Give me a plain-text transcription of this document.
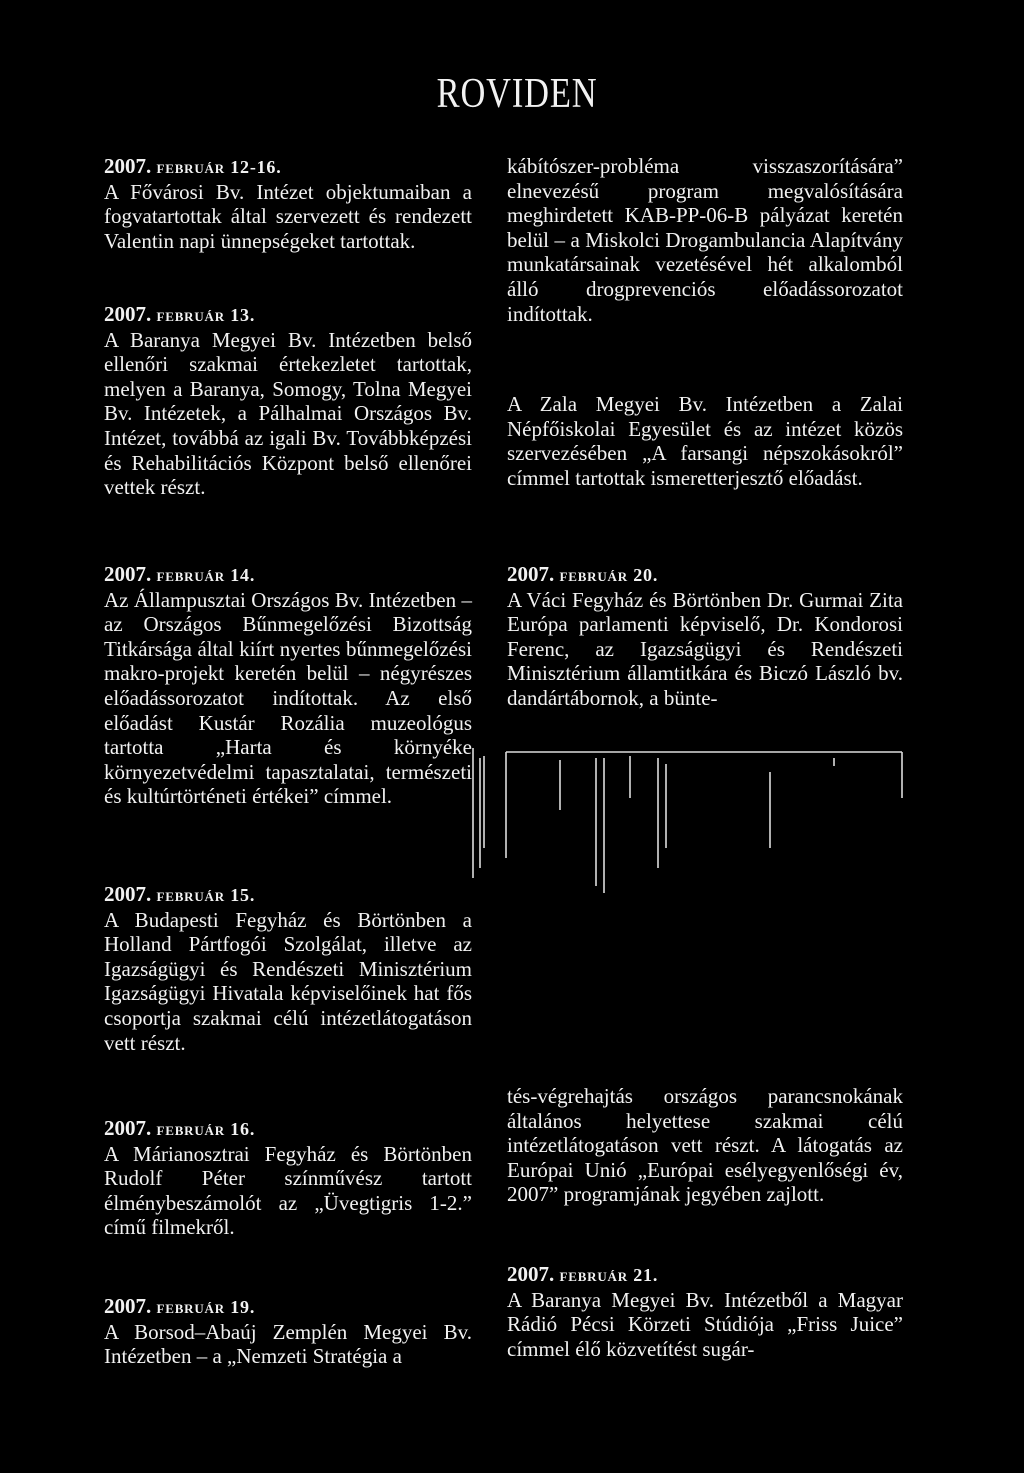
ROVIDEN
2007. február 12-16.
A Fővárosi Bv. Intézet objektumaiban a fogvatartottak által szervezett és rendezett Valentin napi ünnepségeket tartottak.
2007. február 13.
A Baranya Megyei Bv. Intézetben belső ellenőri szakmai értekezletet tartottak, melyen a Baranya, Somogy, Tolna Megyei Bv. Intézetek, a Pálhalmai Országos Bv. Intézet, továbbá az igali Bv. Továbbképzési és Rehabilitációs Központ belső ellenőrei vettek részt.
2007. február 14.
Az Állampusztai Országos Bv. Intézetben – az Országos Bűnmegelőzési Bizottság Titkársága által kiírt nyertes bűnmegelőzési makro-projekt keretén belül – négyrészes előadássorozatot indítottak. Az első előadást Kustár Rozália muzeológus tartotta „Harta és környéke környezetvédelmi tapasztalatai, természeti és kultúrtörténeti értékei” címmel.
2007. február 15.
A Budapesti Fegyház és Börtönben a Holland Pártfogói Szolgálat, illetve az Igazságügyi és Rendészeti Minisztérium Igazságügyi Hivatala képviselőinek hat fős csoportja szakmai célú intézetlátogatáson vett részt.
2007. február 16.
A Márianosztrai Fegyház és Börtönben Rudolf Péter színművész tartott élménybeszámolót az „Üvegtigris 1-2.” című filmekről.
2007. február 19.
A Borsod–Abaúj Zemplén Megyei Bv. Intézetben – a „Nemzeti Stratégia a
kábítószer-probléma visszaszorítására” elnevezésű program megvalósítására meghirdetett KAB-PP-06-B pályázat keretén belül – a Miskolci Drogambulancia Alapítvány munkatársainak vezetésével hét alkalomból álló drogprevenciós előadássorozatot indítottak.
A Zala Megyei Bv. Intézetben a Zalai Népfőiskolai Egyesület és az intézet közös szervezésében „A farsangi népszokásokról” címmel tartottak ismeretterjesztő előadást.
2007. február 20.
A Váci Fegyház és Börtönben Dr. Gurmai Zita Európa parlamenti képviselő, Dr. Kondorosi Ferenc, az Igazságügyi és Rendészeti Minisztérium államtitkára és Biczó László bv. dandártábornok, a bünte-
tés-végrehajtás országos parancsnokának általános helyettese szakmai célú intézetlátogatáson vett részt. A látogatás az Európai Unió „Európai esélyegyenlőségi év, 2007” programjának jegyében zajlott.
2007. február 21.
A Baranya Megyei Bv. Intézetből a Magyar Rádió Pécsi Körzeti Stúdiója „Friss Juice” címmel élő közvetítést sugár-
